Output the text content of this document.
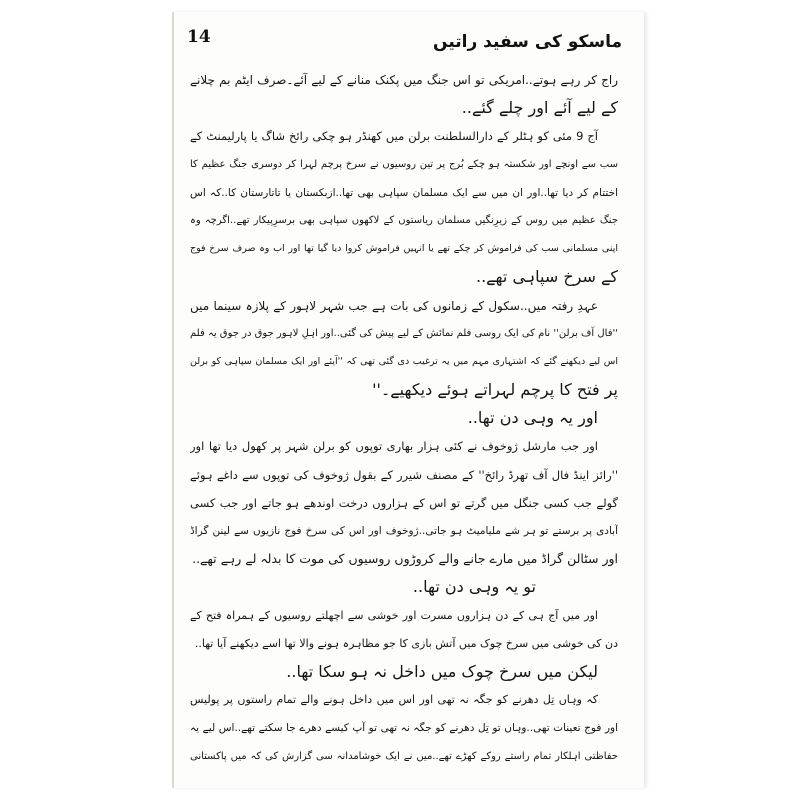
14	ماسکو کی سفید راتیں
راج کر رہے ہوتے..امریکی تو اس جنگ میں پکنک منانے کے لیے آئے۔صرف ایٹم بم چلانے
کے لیے آئے اور چلے گئے..
آج 9 مئی کو ہٹلر کے دارالسلطنت برلن میں کھنڈر ہو چکی رائخ شاگ یا پارلیمنٹ کے
سب سے اونچے اور شکستہ ہو چکے بُرج پر تین روسیوں نے سرخ پرچم لہرا کر دوسری جنگ عظیم کا
اختتام کر دیا تھا..اور ان میں سے ایک مسلمان سپاہی بھی تھا..ازبکستان یا تاتارستان کا..کہ اس
جنگ عظیم میں روس کے زیرِنگیں مسلمان ریاستوں کے لاکھوں سپاہی بھی برسرِپیکار تھے..اگرچہ وہ
اپنی مسلمانی سب کی فراموش کر چکے تھے یا انہیں فراموش کروا دیا گیا تھا اور اب وہ صرف سرخ فوج
کے سرخ سپاہی تھے..
عہدِ رفتہ میں..سکول کے زمانوں کی بات ہے جب شہر لاہور کے پلازہ سینما میں
''فال آف برلن'' نام کی ایک روسی فلم نمائش کے لیے پیش کی گئی..اور اہلِ لاہور جوق در جوق یہ فلم
اس لیے دیکھنے گئے کہ اشتہاری مہم میں یہ ترغیب دی گئی تھی کہ ''آیئے اور ایک مسلمان سپاہی کو برلن
پر فتح کا پرچم لہراتے ہوئے دیکھیے۔''
اور یہ وہی دن تھا..
اور جب مارشل ژوخوف نے کئی ہزار بھاری توپوں کو برلن شہر پر کھول دیا تھا اور
''رائز اینڈ فال آف تھرڈ رائخ'' کے مصنف شیرر کے بقول ژوخوف کی توپوں سے داغے ہوئے
گولے جب کسی جنگل میں گرتے تو اس کے ہزاروں درخت اوندھے ہو جاتے اور جب کسی
آبادی پر برستے تو ہر شے ملیامیٹ ہو جاتی..ژوخوف اور اس کی سرخ فوج نازیوں سے لینن گراڈ
اور سٹالن گراڈ میں مارے جانے والے کروڑوں روسیوں کی موت کا بدلہ لے رہے تھے..
تو یہ وہی دن تھا..
اور میں آج ہی کے دن ہزاروں مسرت اور خوشی سے اچھلتے روسیوں کے ہمراہ فتح کے
دن کی خوشی میں سرخ چوک میں آتش بازی کا جو مظاہرہ ہونے والا تھا اسے دیکھنے آیا تھا..
لیکن میں سرخ چوک میں داخل نہ ہو سکا تھا..
کہ وہاں تِل دھرنے کو جگہ نہ تھی اور اس میں داخل ہونے والے تمام راستوں پر پولیس
اور فوج تعینات تھی..وہاں تو تِل دھرنے کو جگہ نہ تھی تو آپ کیسے دھرے جا سکتے تھے..اس لیے یہ
حفاظتی اہلکار تمام راستے روکے کھڑے تھے..میں نے ایک خوشامدانہ سی گزارش کی کہ میں پاکستانی
